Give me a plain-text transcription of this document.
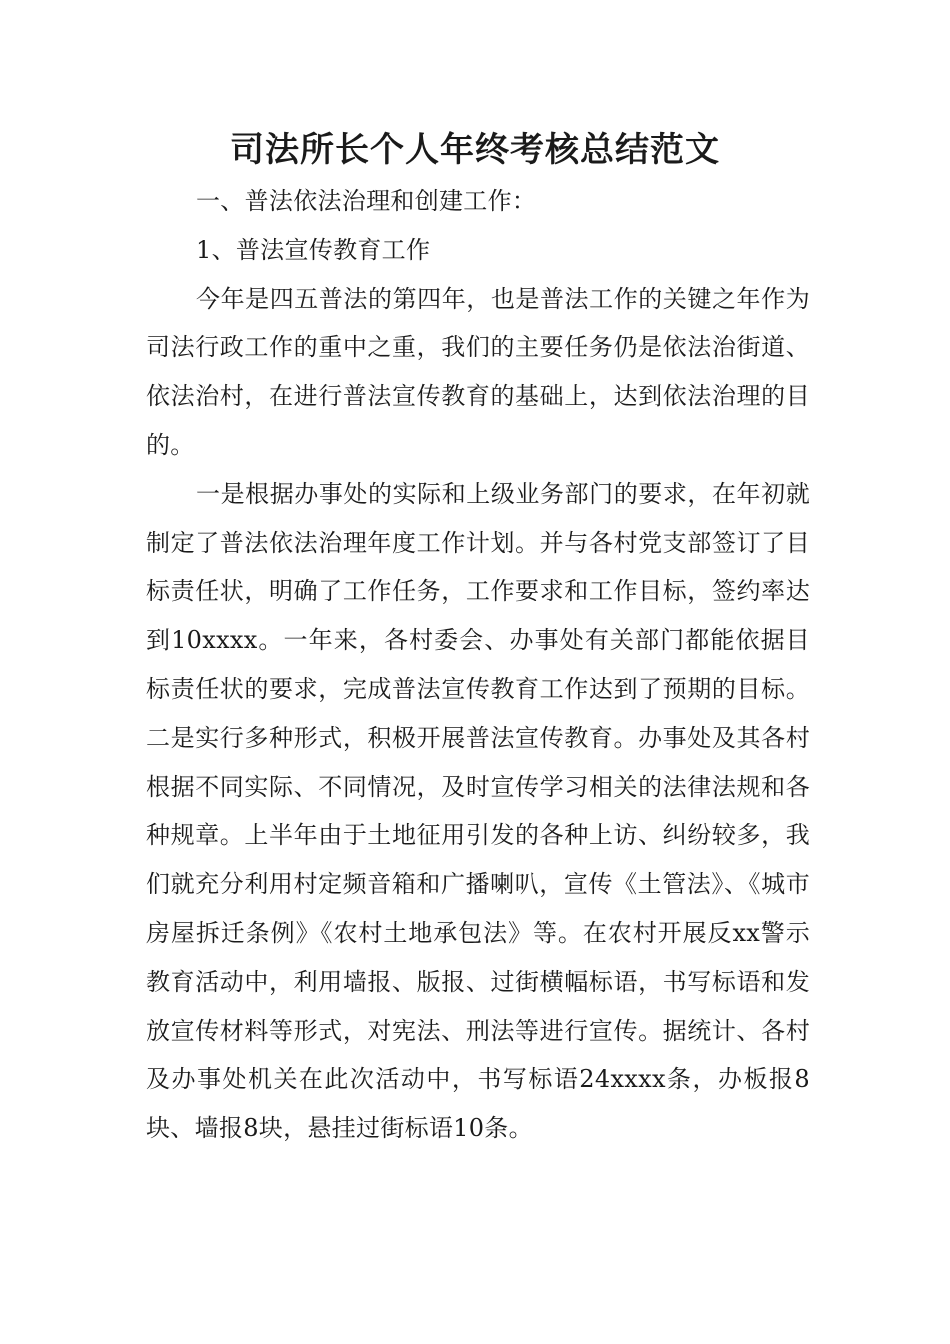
司法所长个人年终考核总结范文

一、普法依法治理和创建工作：

1、普法宣传教育工作

今年是四五普法的第四年，也是普法工作的关键之年作为司法行政工作的重中之重，我们的主要任务仍是依法治街道、依法治村，在进行普法宣传教育的基础上，达到依法治理的目的。

一是根据办事处的实际和上级业务部门的要求，在年初就制定了普法依法治理年度工作计划。并与各村党支部签订了目标责任状，明确了工作任务，工作要求和工作目标，签约率达到10xxxx。一年来，各村委会、办事处有关部门都能依据目标责任状的要求，完成普法宣传教育工作达到了预期的目标。 二是实行多种形式，积极开展普法宣传教育。办事处及其各村根据不同实际、不同情况，及时宣传学习相关的法律法规和各种规章。上半年由于土地征用引发的各种上访、纠纷较多，我们就充分利用村定频音箱和广播喇叭，宣传《土管法》、《城市房屋拆迁条例》《农村土地承包法》等。在农村开展反xx警示教育活动中，利用墙报、版报、过街横幅标语，书写标语和发放宣传材料等形式，对宪法、刑法等进行宣传。据统计、各村及办事处机关在此次活动中，书写标语24xxxx条，办板报8块、墙报8块，悬挂过街标语10条。
